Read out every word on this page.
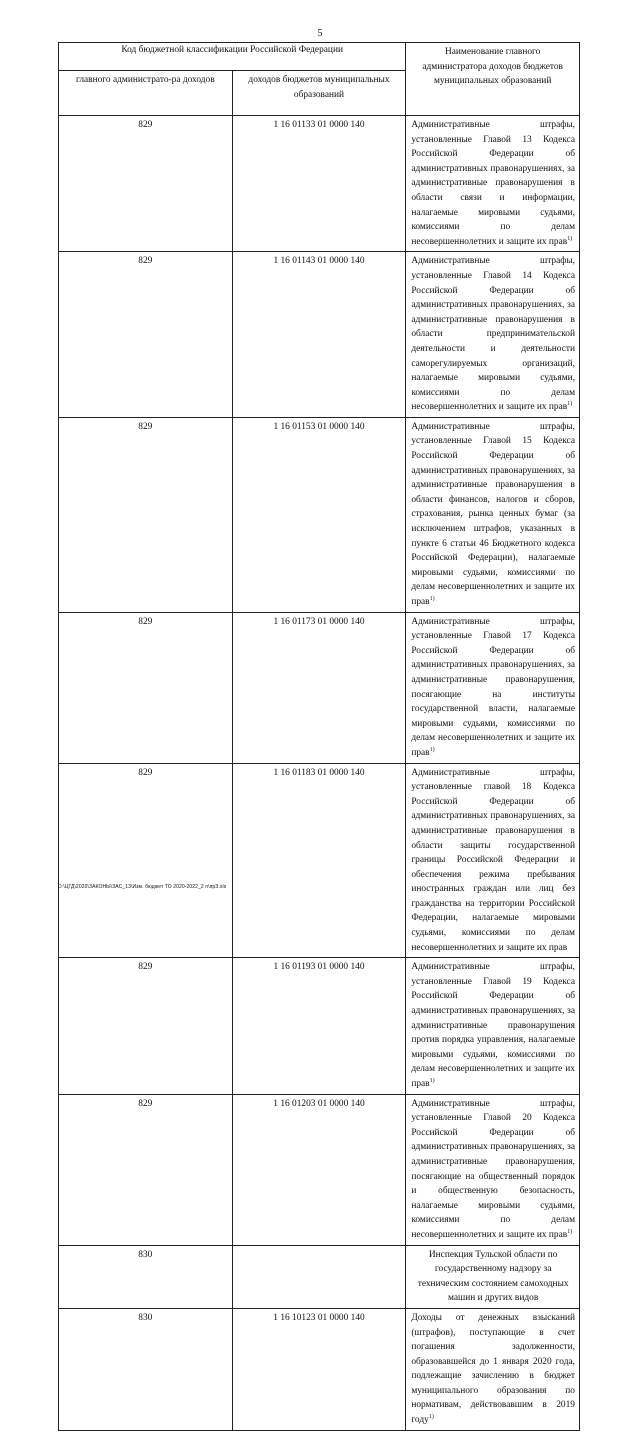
5
Код бюджетной классификации Российской Федерации		Наименование главного администратора доходов бюджетов муниципальных образований
главного администрато-ра доходов	доходов бюджетов муниципальных образований	
829	1 16 01133 01 0000 140	Административные штрафы, установленные Главой 13 Кодекса Российской Федерации об административных правонарушениях, за административные правонарушения в области связи и информации, налагаемые мировыми судьями, комиссиями по делам несовершеннолетних и защите их прав$^{1)}$
829	1 16 01143 01 0000 140	Административные штрафы, установленные Главой 14 Кодекса Российской Федерации об административных правонарушениях, за административные правонарушения в области предпринимательской деятельности и деятельности саморегулируемых организаций, налагаемые мировыми судьями, комиссиями по делам несовершеннолетних и защите их прав$^{1)}$
829	1 16 01153 01 0000 140	Административные штрафы, установленные Главой 15 Кодекса Российской Федерации об административных правонарушениях, за административные правонарушения в области финансов, налогов и сборов, страхования, рынка ценных бумаг (за исключением штрафов, указанных в пункте 6 статьи 46 Бюджетного кодекса Российской Федерации), налагаемые мировыми судьями, комиссиями по делам несовершеннолетних и защите их прав$^{1)}$
829	1 16 01173 01 0000 140	Административные штрафы, установленные Главой 17 Кодекса Российской Федерации об административных правонарушениях, за административные правонарушения, посягающие на институты государственной власти, налагаемые мировыми судьями, комиссиями по делам несовершеннолетних и защите их прав$^{1)}$
829	1 16 01183 01 0000 140	Административные штрафы, установленные главой 18 Кодекса Российской Федерации об административных правонарушениях, за административные правонарушения в области защиты государственной границы Российской Федерации и обеспечения режима пребывания иностранных граждан или лиц без гражданства на территории Российской Федерации, налагаемые мировыми судьями, комиссиями по делам несовершеннолетних и защите их прав
829	1 16 01193 01 0000 140	Административные штрафы, установленные Главой 19 Кодекса Российской Федерации об административных правонарушениях, за административные правонарушения против порядка управления, налагаемые мировыми судьями, комиссиями по делам несовершеннолетних и защите их прав$^{1)}$
829	1 16 01203 01 0000 140	Административные штрафы, установленные Главой 20 Кодекса Российской Федерации об административных правонарушениях, за административные правонарушения, посягающие на общественный порядок и общественную безопасность, налагаемые мировыми судьями, комиссиями по делам несовершеннолетних и защите их прав$^{1)}$
830		Инспекция Тульской области по государственному надзору за техническим состоянием самоходных машин и других видов
830	1 16 10123 01 0000 140	Доходы от денежных взысканий (штрафов), поступающие в счет погашения задолженности, образовавшейся до 1 января 2020 года, подлежащие зачислению в бюджет муниципального образования по нормативам, действовавшим в 2019 году$^{1)}$
D:\ЦГД\2020\ЗАКОНЫ\ЗАС_13\Изм. бюджет ТО 2020-2022_2 п\прЗ.xls
